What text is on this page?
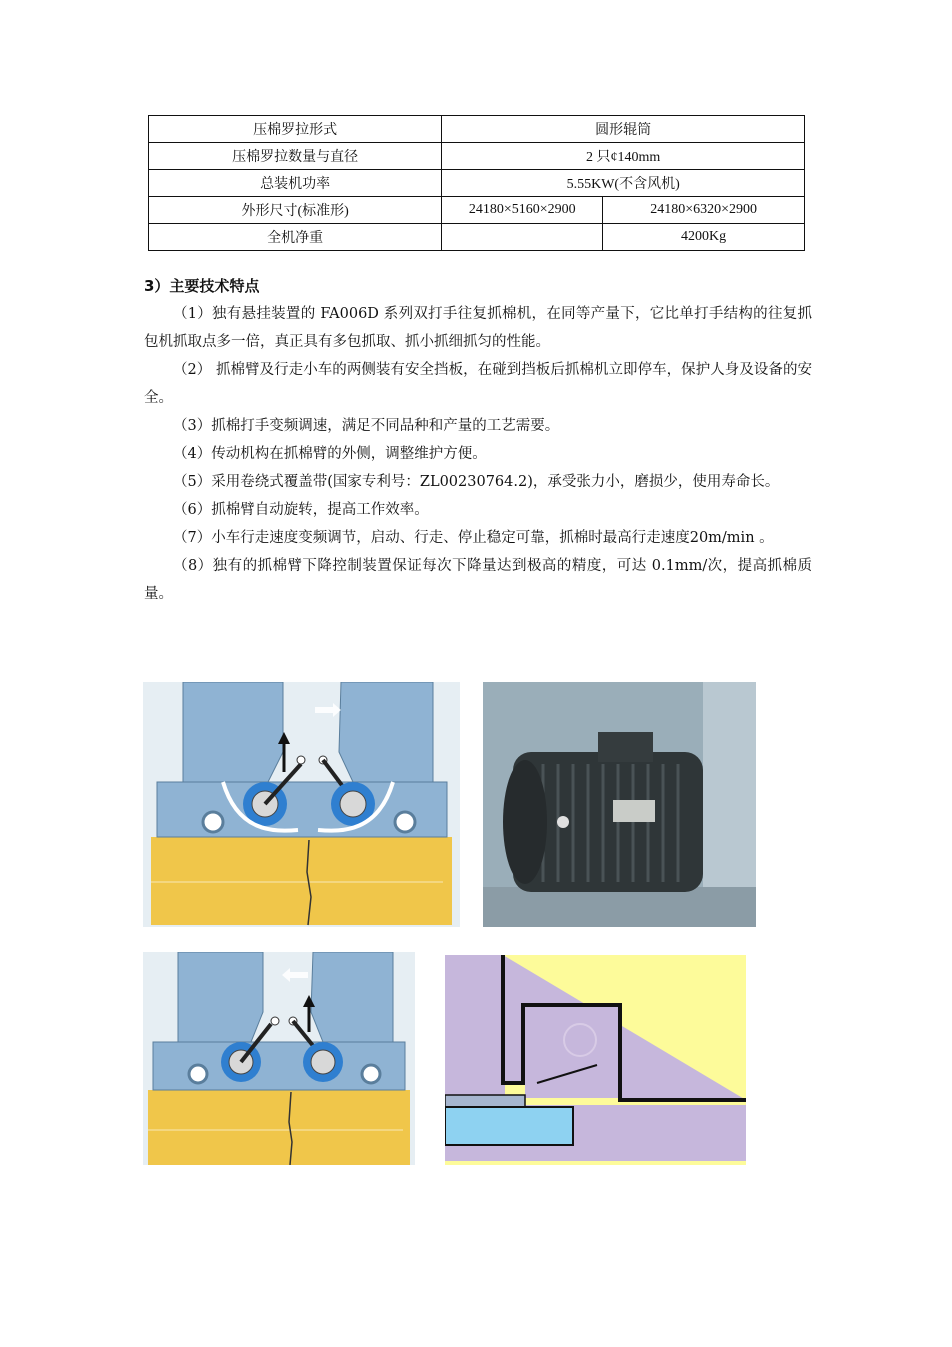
压棉罗拉形式	圆形辊筒	
压棉罗拉数量与直径	2 只¢140mm	
总装机功率	5.55KW(不含风机)	
外形尺寸(标准形)	24180×5160×2900	24180×6320×2900
全机净重		4200Kg
3）主要技术特点

（1）独有悬挂装置的 FA006D 系列双打手往复抓棉机，在同等产量下，它比单打手结构的往复抓包机抓取点多一倍，真正具有多包抓取、抓小抓细抓匀的性能。

（2） 抓棉臂及行走小车的两侧装有安全挡板，在碰到挡板后抓棉机立即停车，保护人身及设备的安全。

（3）抓棉打手变频调速，满足不同品种和产量的工艺需要。

（4）传动机构在抓棉臂的外侧，调整维护方便。

（5）采用卷绕式覆盖带(国家专利号：ZL00230764.2)，承受张力小，磨损少，使用寿命长。

（6）抓棉臂自动旋转，提高工作效率。

（7）小车行走速度变频调节，启动、行走、停止稳定可靠，抓棉时最高行走速度20m/min 。

（8）独有的抓棉臂下降控制装置保证每次下降量达到极高的精度，可达 0.1mm/次，提高抓棉质量。
